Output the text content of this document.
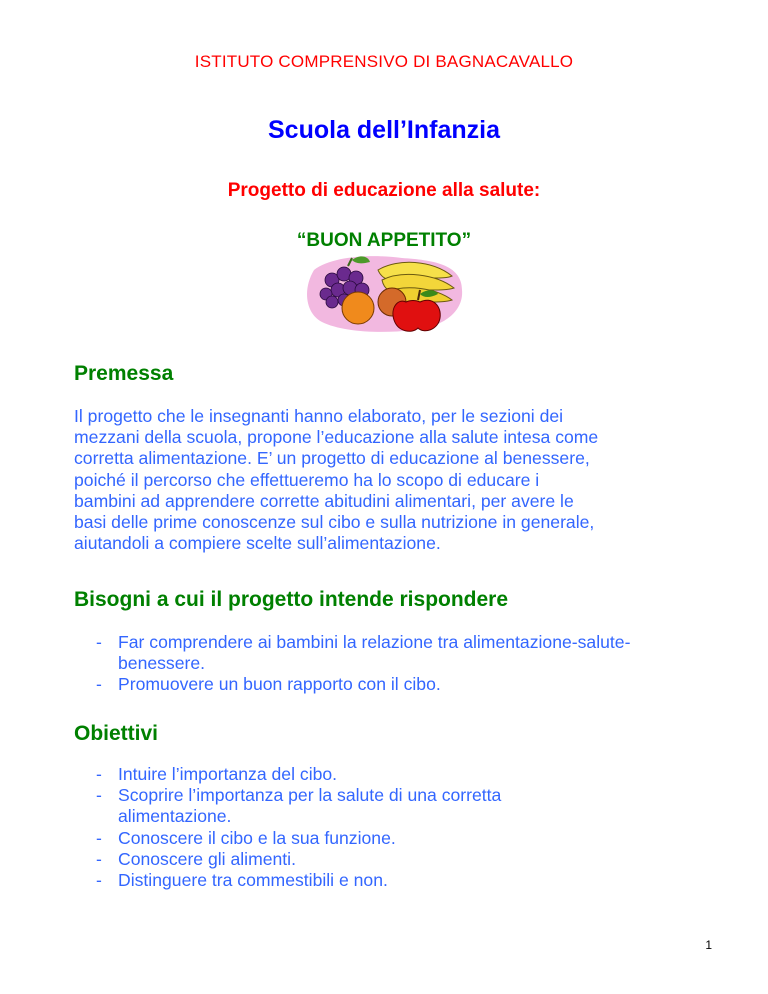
ISTITUTO COMPRENSIVO DI BAGNACAVALLO
Scuola dell’Infanzia
Progetto di educazione alla salute:
“BUON APPETITO”
Premessa
Il progetto che le insegnanti hanno elaborato, per le sezioni dei
mezzani della scuola, propone l’educazione alla salute intesa come
corretta alimentazione. E’ un progetto di educazione al benessere,
poiché il percorso che effettueremo ha lo scopo di educare i
bambini ad apprendere corrette abitudini alimentari, per avere le
basi delle prime conoscenze sul cibo e sulla nutrizione in generale,
aiutandoli a compiere scelte sull’alimentazione.
Bisogni a cui il progetto intende rispondere
- Far comprendere ai bambini la relazione tra alimentazione-salute-benessere.
- Promuovere un buon rapporto con il cibo.
Obiettivi
- Intuire l’importanza del cibo.
- Scoprire l’importanza per la salute di una corretta alimentazione.
- Conoscere il cibo e la sua funzione.
- Conoscere gli alimenti.
- Distinguere tra commestibili e non.
1
